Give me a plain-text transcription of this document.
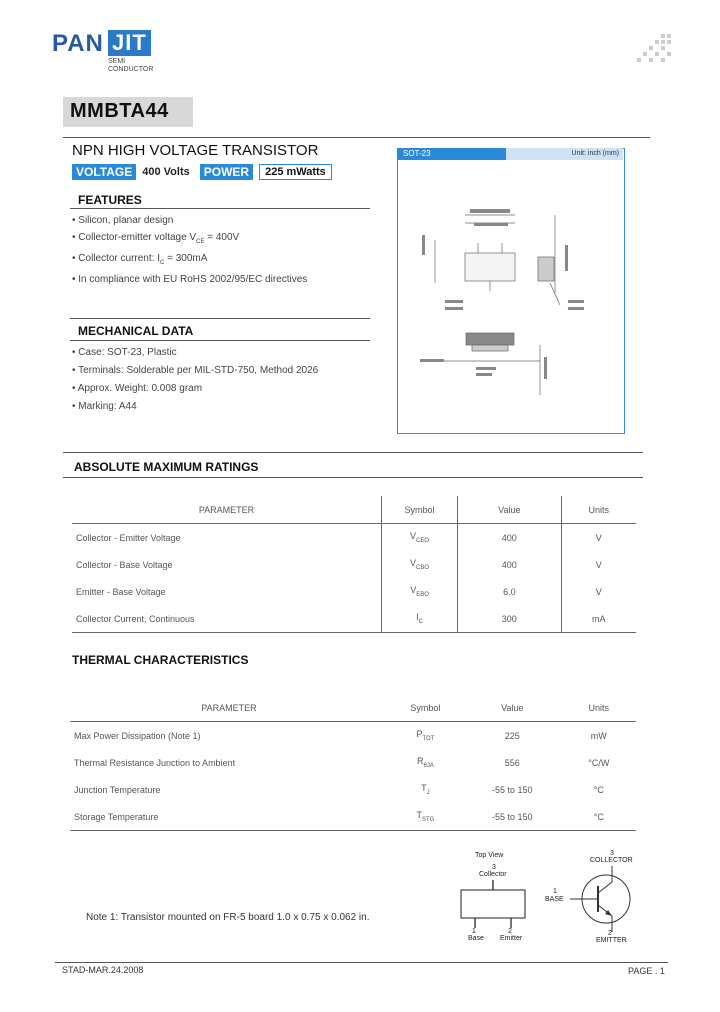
PAN JIT
SEMI
CONDUCTOR
MMBTA44
NPN HIGH VOLTAGE TRANSISTOR
VOLTAGE 400 Volts	POWER	225 mWatts
FEATURES
• Silicon, planar design
• Collector-emitter voltage $V_{CE} = 400V$
• Collector current: $I_C = 300mA$
• In compliance with EU RoHS 2002/95/EC directives
MECHANICAL DATA
• Case: SOT-23, Plastic
• Terminals: Solderable per MIL-STD-750, Method 2026
• Approx. Weight: 0.008 gram
• Marking: A44
SOT-23	Unit: inch (mm)
ABSOLUTE MAXIMUM RATINGS
PARAMETER	Symbol	Value	Units
Collector - Emitter Voltage	$V_{CEO}$	400	V
Collector - Base Voltage	$V_{CBO}$	400	V
Emitter - Base Voltage	$V_{EBO}$	6.0	V
Collector Current, Continuous	$I_C$	300	mA
THERMAL CHARACTERISTICS
PARAMETER	Symbol	Value	Units
Max Power Dissipation (Note 1)	$P_{TOT}$	225	mW
Thermal Resistance Junction to Ambient	$R_{\theta JA}$	556	°C/W
Junction Temperature	$T_J$	-55 to 150	°C
Storage Temperature	$T_{STG}$	-55 to 150	°C
Top View
3
Collector
1
Base
2
Emitter
3
COLLECTOR
1
BASE
2
EMITTER
Note 1: Transistor mounted on FR-5 board 1.0 x 0.75 x 0.062 in.
STAD-MAR.24.2008	PAGE . 1
